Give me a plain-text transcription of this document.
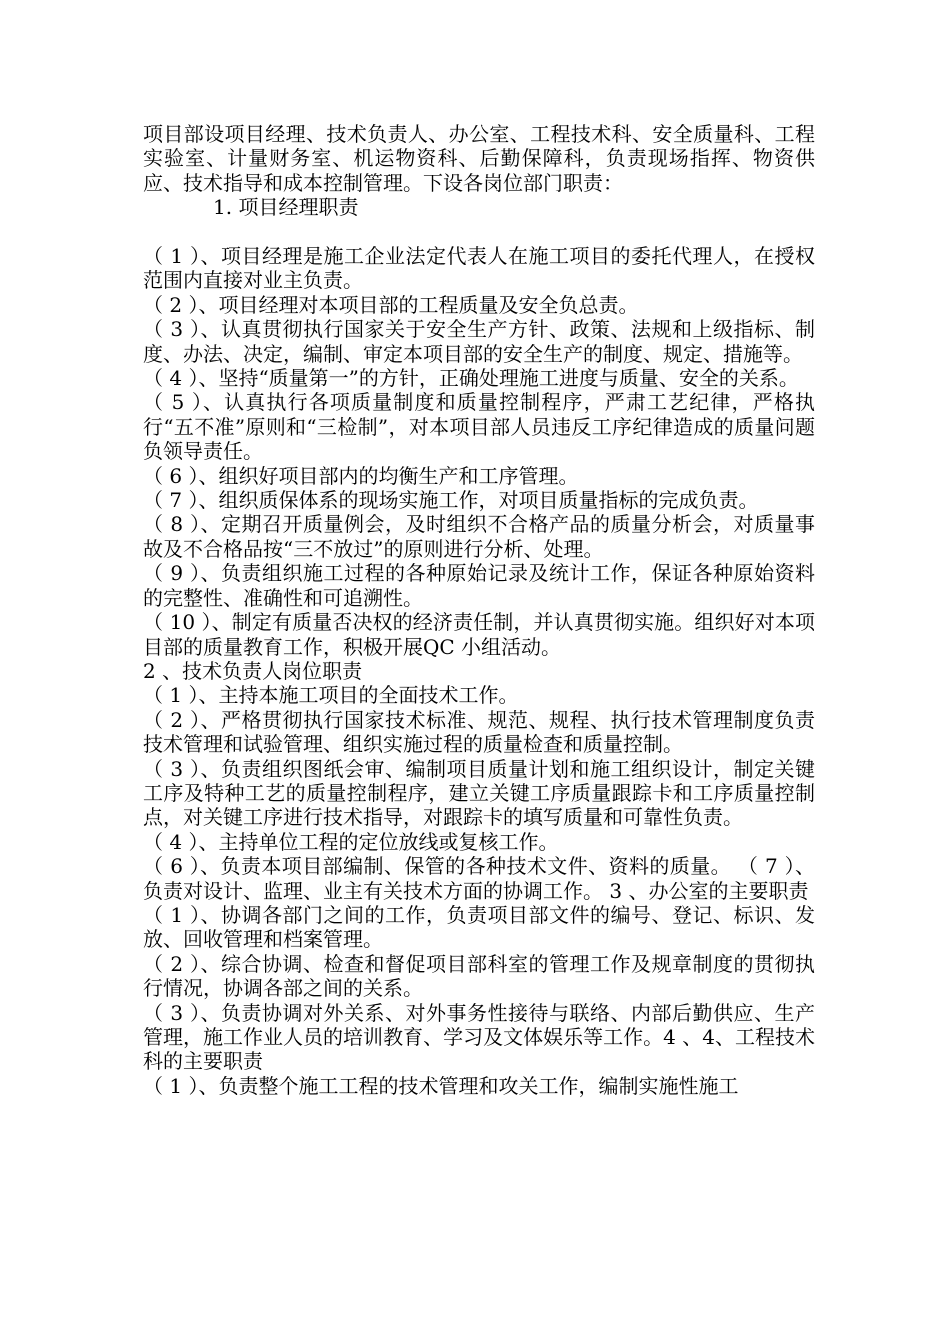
项目部设项目经理、技术负责人、办公室、工程技术科、安全质量科、工程实验室、计量财务室、机运物资科、后勤保障科，负责现场指挥、物资供应、技术指导和成本控制管理。下设各岗位部门职责：

1. 项目经理职责

（ 1 ）、项目经理是施工企业法定代表人在施工项目的委托代理人，在授权范围内直接对业主负责。

（ 2 ）、项目经理对本项目部的工程质量及安全负总责。

（ 3 ）、认真贯彻执行国家关于安全生产方针、政策、法规和上级指标、制度、办法、决定，编制、审定本项目部的安全生产的制度、规定、措施等。

（ 4 ）、坚持“质量第一”的方针，正确处理施工进度与质量、安全的关系。

（ 5 ）、认真执行各项质量制度和质量控制程序，严肃工艺纪律，严格执行“五不准”原则和“三检制”，对本项目部人员违反工序纪律造成的质量问题负领导责任。

（ 6 ）、组织好项目部内的均衡生产和工序管理。

（ 7 ）、组织质保体系的现场实施工作，对项目质量指标的完成负责。

（ 8 ）、定期召开质量例会，及时组织不合格产品的质量分析会，对质量事故及不合格品按“三不放过”的原则进行分析、处理。

（ 9 ）、负责组织施工过程的各种原始记录及统计工作，保证各种原始资料的完整性、准确性和可追溯性。

（ 10 ）、制定有质量否决权的经济责任制，并认真贯彻实施。组织好对本项目部的质量教育工作，积极开展QC 小组活动。

2 、技术负责人岗位职责

（ 1 ）、主持本施工项目的全面技术工作。

（ 2 ）、严格贯彻执行国家技术标准、规范、规程、执行技术管理制度负责技术管理和试验管理、组织实施过程的质量检查和质量控制。

（ 3 ）、负责组织图纸会审、编制项目质量计划和施工组织设计，制定关键工序及特种工艺的质量控制程序，建立关键工序质量跟踪卡和工序质量控制点，对关键工序进行技术指导，对跟踪卡的填写质量和可靠性负责。

（ 4 ）、主持单位工程的定位放线或复核工作。

（ 6 ）、负责本项目部编制、保管的各种技术文件、资料的质量。 （ 7 ）、负责对设计、监理、业主有关技术方面的协调工作。 3 、办公室的主要职责

（ 1 ）、协调各部门之间的工作，负责项目部文件的编号、登记、标识、发放、回收管理和档案管理。

（ 2 ）、综合协调、检查和督促项目部科室的管理工作及规章制度的贯彻执行情况，协调各部之间的关系。

（ 3 ）、负责协调对外关系、对外事务性接待与联络、内部后勤供应、生产管理，施工作业人员的培训教育、学习及文体娱乐等工作。4 、4、工程技术科的主要职责

（ 1 ）、负责整个施工工程的技术管理和攻关工作，编制实施性施工
